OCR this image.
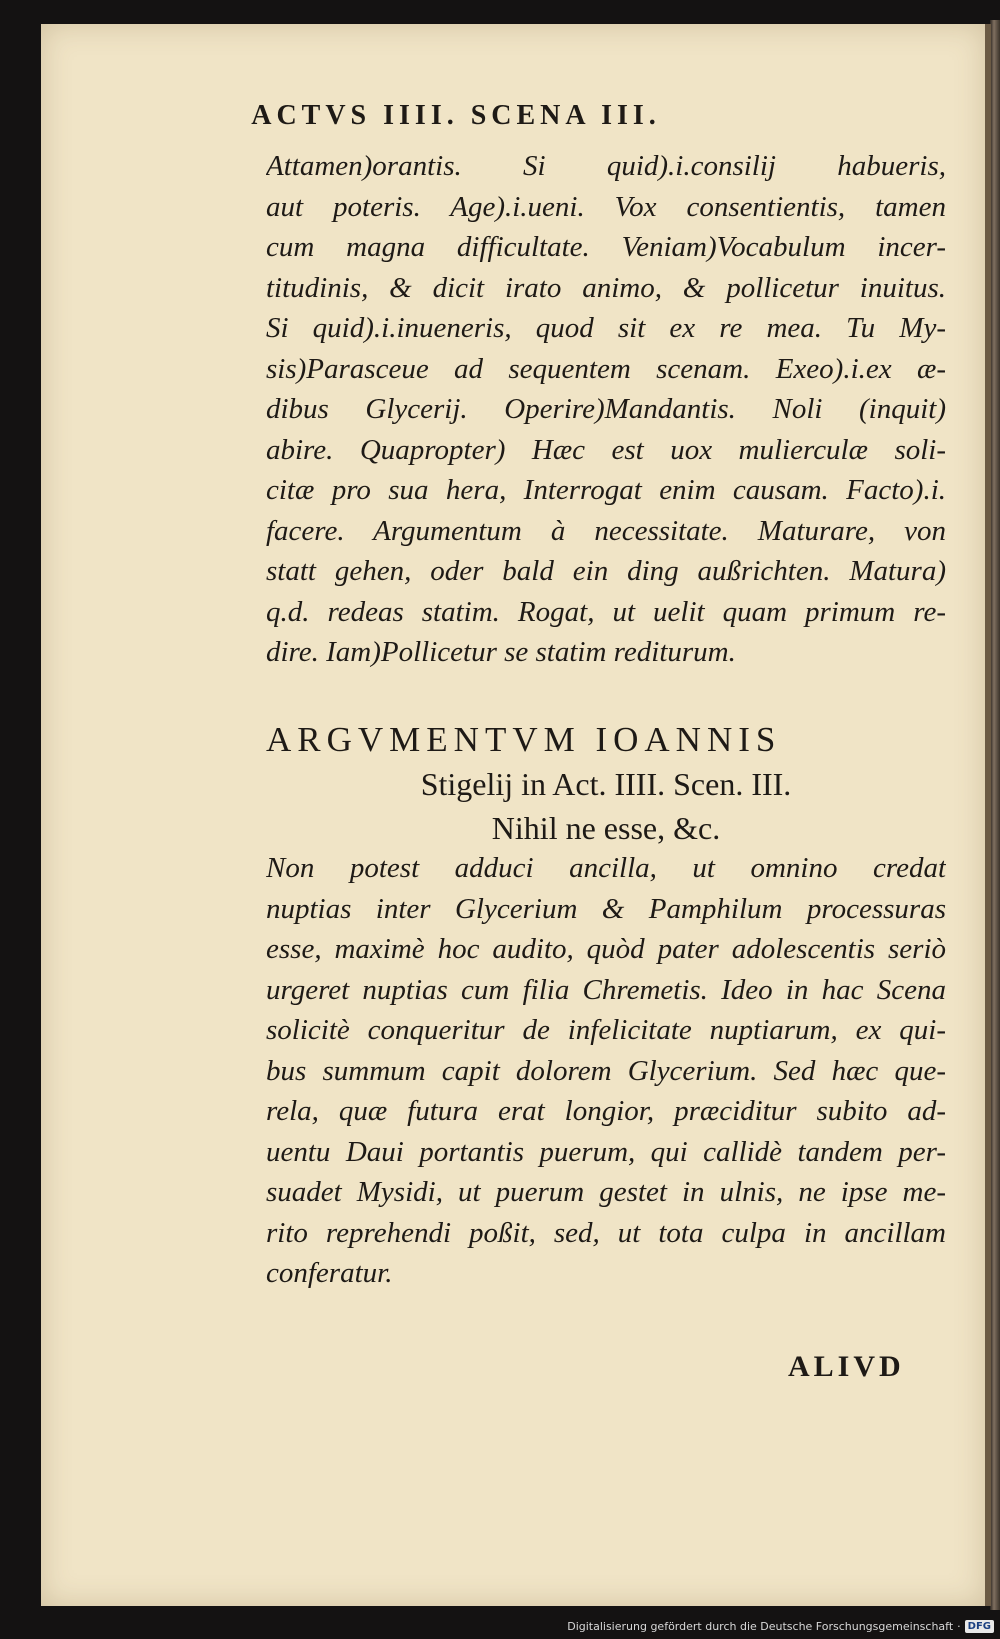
ACTVS IIII. SCENA III.
Attamen)orantis. Si quid).i.consilij habueris,
aut poteris. Age).i.ueni. Vox consentientis, tamen
cum magna difficultate. Veniam)Vocabulum incer-
titudinis, & dicit irato animo, & pollicetur inuitus.
Si quid).i.inueneris, quod sit ex re mea. Tu My-
sis)Parasceue ad sequentem scenam. Exeo).i.ex æ-
dibus Glycerij. Operire)Mandantis. Noli (inquit)
abire. Quapropter) Hæc est uox mulierculæ soli-
citæ pro sua hera, Interrogat enim causam. Facto).i.
facere. Argumentum à necessitate. Maturare, von
statt gehen, oder bald ein ding außrichten. Matura)
q.d. redeas statim. Rogat, ut uelit quam primum re-
dire. Iam)Pollicetur se statim rediturum.
ARGVMENTVM IOANNIS
Stigelij in Act. IIII. Scen. III.
Nihil ne esse, &c.
Non potest adduci ancilla, ut omnino credat
nuptias inter Glycerium & Pamphilum processuras
esse, maximè hoc audito, quòd pater adolescentis seriò
urgeret nuptias cum filia Chremetis. Ideo in hac Scena
solicitè conqueritur de infelicitate nuptiarum, ex qui-
bus summum capit dolorem Glycerium. Sed hæc que-
rela, quæ futura erat longior, præciditur subito ad-
uentu Daui portantis puerum, qui callidè tandem per-
suadet Mysidi, ut puerum gestet in ulnis, ne ipse me-
rito reprehendi poßit, sed, ut tota culpa in ancillam
conferatur.
ALIVD
Digitalisierung gefördert durch die Deutsche Forschungsgemeinschaft · DFG
